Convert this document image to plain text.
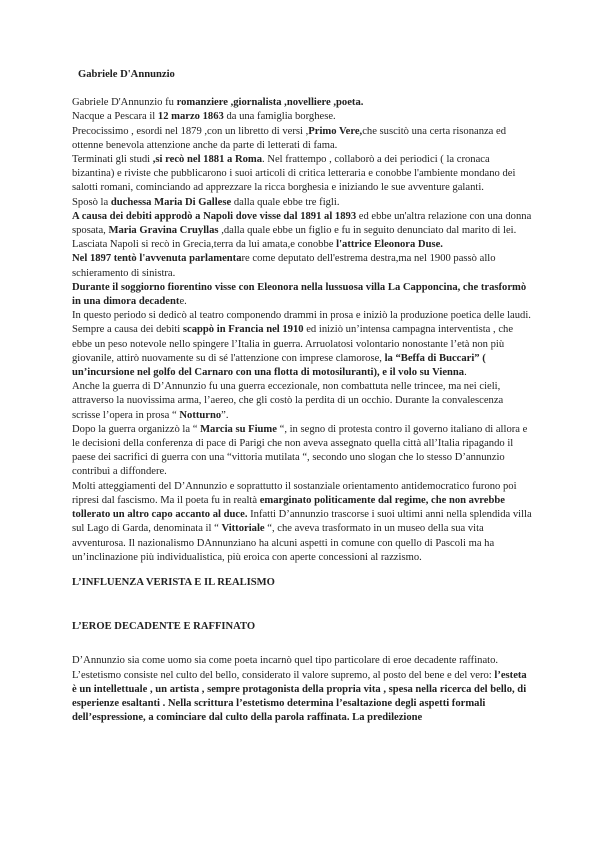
Gabriele D'Annunzio

Gabriele D'Annunzio fu romanziere ,giornalista ,novelliere ,poeta.

Nacque a Pescara il 12 marzo 1863 da una famiglia borghese.

Precocissimo , esordi nel 1879 ,con un libretto di versi ,Primo Vere,che suscitò una certa risonanza ed ottenne benevola attenzione anche da parte di letterati di fama.

Terminati gli studi ,si recò nel 1881 a Roma. Nel frattempo , collaborò a dei periodici ( la cronaca bizantina) e riviste che pubblicarono i suoi articoli di critica letteraria e conobbe l'ambiente mondano dei salotti romani, cominciando ad apprezzare la ricca borghesia e iniziando le sue avventure galanti.

Sposò la duchessa Maria Di Gallese dalla quale ebbe tre figli.

A causa dei debiti approdò a Napoli dove visse dal 1891 al 1893 ed ebbe un'altra relazione con una donna sposata, Maria Gravina Cruyllas ,dalla quale ebbe un figlio e fu in seguito denunciato dal marito di lei.

Lasciata Napoli si recò in Grecia,terra da lui amata,e conobbe l'attrice Eleonora Duse.

Nel 1897 tentò l'avvenuta parlamentare come deputato dell'estrema destra,ma nel 1900 passò allo schieramento di sinistra.

Durante il soggiorno fiorentino visse con Eleonora nella lussuosa villa La Capponcina, che trasformò in una dimora decadente.

In questo periodo si dedicò al teatro componendo drammi in prosa e iniziò la produzione poetica delle laudi.

Sempre a causa dei debiti scappò in Francia nel 1910 ed iniziò un’intensa campagna interventista , che ebbe un peso notevole nello spingere l’Italia in guerra. Arruolatosi volontario nonostante l’età non più giovanile, attirò nuovamente su di sé l'attenzione con imprese clamorose, la “Beffa di Buccari” ( un’incursione nel golfo del Carnaro con una flotta di motosiluranti), e il volo su Vienna.

Anche la guerra di D’Annunzio fu una guerra eccezionale, non combattuta nelle trincee, ma nei cieli, attraverso la nuovissima arma, l’aereo, che gli costò la perdita di un occhio. Durante la convalescenza scrisse l’opera in prosa “ Notturno”.

Dopo la guerra organizzò la “ Marcia su Fiume “, in segno di protesta contro il governo italiano di allora e le decisioni della conferenza di pace di Parigi che non aveva assegnato quella città all’Italia ripagando il paese dei sacrifici di guerra con una “vittoria mutilata “, secondo uno slogan che lo stesso D’annunzio contribuì a diffondere.

Molti atteggiamenti del D’Annunzio e soprattutto il sostanziale orientamento antidemocratico furono poi ripresi dal fascismo. Ma il poeta fu in realtà emarginato politicamente dal regime, che non avrebbe tollerato un altro capo accanto al duce. Infatti D’annunzio trascorse i suoi ultimi anni nella splendida villa sul Lago di Garda, denominata il “ Vittoriale “, che aveva trasformato in un museo della sua vita avventurosa. Il nazionalismo DAnnunziano ha alcuni aspetti in comune con quello di Pascoli ma ha un’inclinazione più individualistica, più eroica con aperte concessioni al razzismo.

L’INFLUENZA VERISTA E IL REALISMO
L’EROE DECADENTE E RAFFINATO

D’Annunzio sia come uomo sia come poeta incarnò quel tipo particolare di eroe decadente raffinato.

L’estetismo consiste nel culto del bello, considerato il valore supremo, al posto del bene e del vero: l’esteta è un intellettuale , un artista , sempre protagonista della propria vita , spesa nella ricerca del bello, di esperienze esaltanti . Nella scrittura l’estetismo determina l’esaltazione degli aspetti formali dell’espressione, a cominciare dal culto della parola raffinata. La predilezione
